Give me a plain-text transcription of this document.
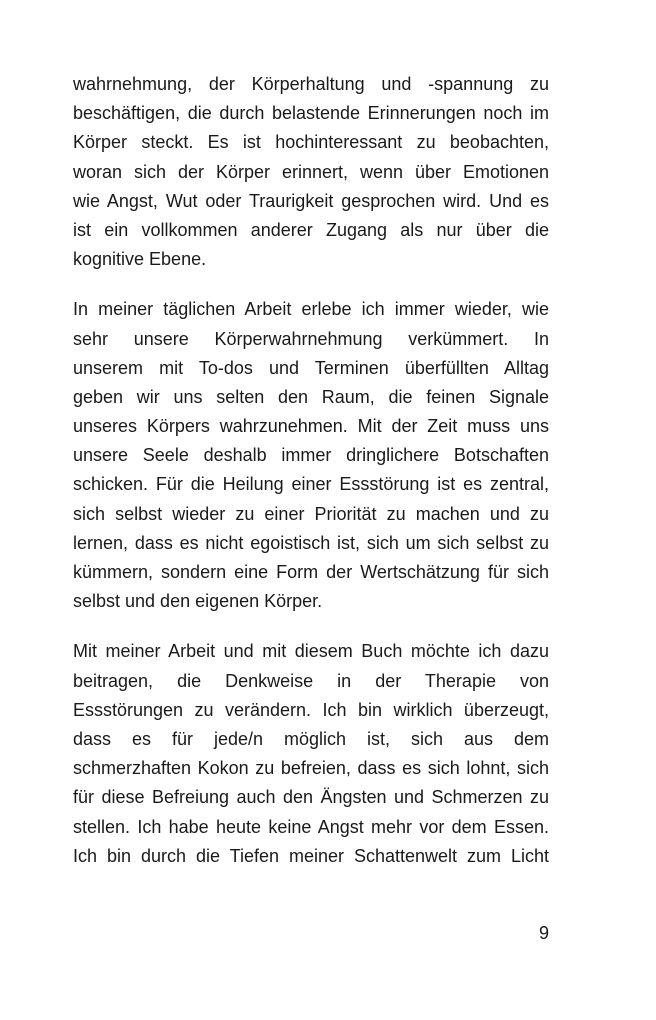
wahrnehmung, der Körperhaltung und -spannung zu
beschäftigen, die durch belastende Erinnerungen noch im
Körper steckt. Es ist hochinteressant zu beobachten,
woran sich der Körper erinnert, wenn über Emotionen
wie Angst, Wut oder Traurigkeit gesprochen wird. Und es
ist ein vollkommen anderer Zugang als nur über die
kognitive Ebene.
In meiner täglichen Arbeit erlebe ich immer wieder, wie
sehr unsere Körperwahrnehmung verkümmert. In
unserem mit To-dos und Terminen überfüllten Alltag
geben wir uns selten den Raum, die feinen Signale
unseres Körpers wahrzunehmen. Mit der Zeit muss uns
unsere Seele deshalb immer dringlichere Botschaften
schicken. Für die Heilung einer Essstörung ist es zentral,
sich selbst wieder zu einer Priorität zu machen und zu
lernen, dass es nicht egoistisch ist, sich um sich selbst zu
kümmern, sondern eine Form der Wertschätzung für sich
selbst und den eigenen Körper.
Mit meiner Arbeit und mit diesem Buch möchte ich dazu
beitragen, die Denkweise in der Therapie von
Essstörungen zu verändern. Ich bin wirklich überzeugt,
dass es für jede/n möglich ist, sich aus dem
schmerzhaften Kokon zu befreien, dass es sich lohnt, sich
für diese Befreiung auch den Ängsten und Schmerzen zu
stellen. Ich habe heute keine Angst mehr vor dem Essen.
Ich bin durch die Tiefen meiner Schattenwelt zum Licht
9
